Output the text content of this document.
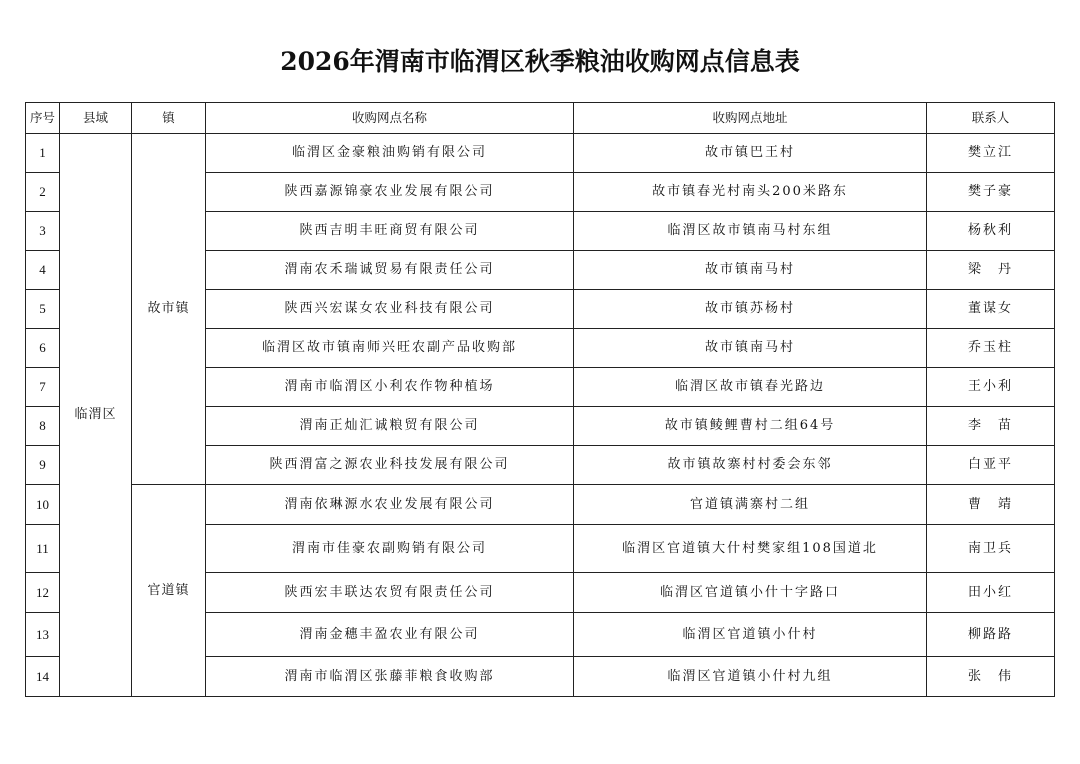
2026年渭南市临渭区秋季粮油收购网点信息表
序号	县域	镇	收购网点名称	收购网点地址	联系人
1	临渭区	故市镇	临渭区金豪粮油购销有限公司	故市镇巴王村	樊立江
2			陕西嘉源锦豪农业发展有限公司	故市镇春光村南头200米路东	樊子豪
3			陕西吉明丰旺商贸有限公司	临渭区故市镇南马村东组	杨秋利
4			渭南农禾瑞诚贸易有限责任公司	故市镇南马村	梁　丹
5			陕西兴宏谋女农业科技有限公司	故市镇苏杨村	董谋女
6			临渭区故市镇南师兴旺农副产品收购部	故市镇南马村	乔玉柱
7			渭南市临渭区小利农作物种植场	临渭区故市镇春光路边	王小利
8			渭南正灿汇诚粮贸有限公司	故市镇鲮鲤曹村二组64号	李　苗
9			陕西渭富之源农业科技发展有限公司	故市镇故寨村村委会东邻	白亚平
10		官道镇	渭南依琳源水农业发展有限公司	官道镇满寨村二组	曹　靖
11			渭南市佳豪农副购销有限公司	临渭区官道镇大什村樊家组108国道北	南卫兵
12			陕西宏丰联达农贸有限责任公司	临渭区官道镇小什十字路口	田小红
13			渭南金穗丰盈农业有限公司	临渭区官道镇小什村	柳路路
14			渭南市临渭区张藤菲粮食收购部	临渭区官道镇小什村九组	张　伟
